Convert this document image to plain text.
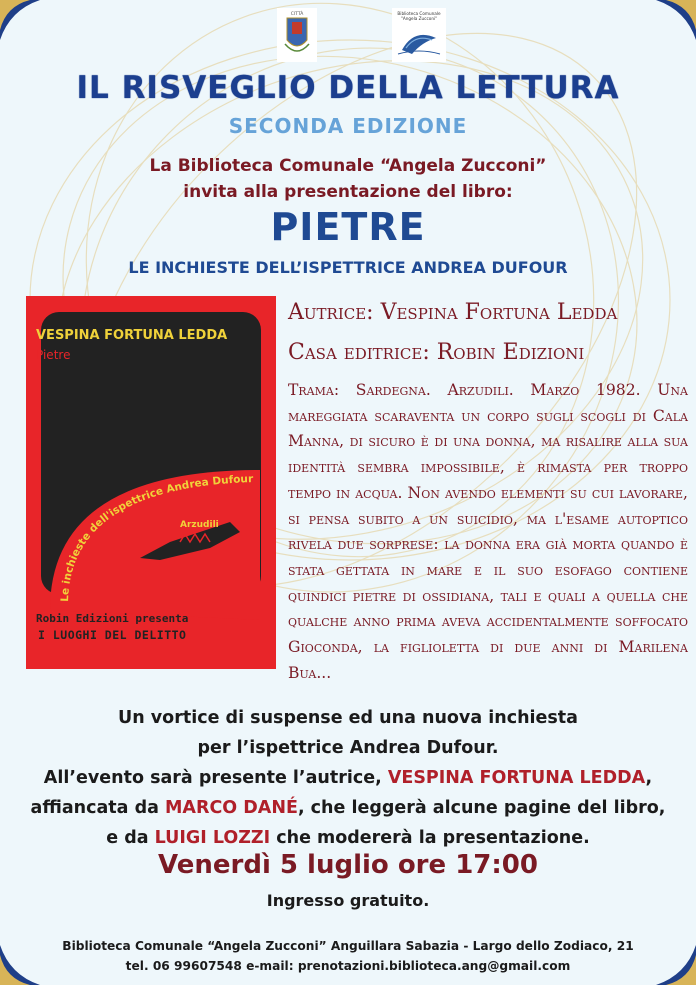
CITTÀ	Biblioteca Comunale
"Angela Zucconi"
IL RISVEGLIO DELLA LETTURA
SECONDA EDIZIONE
La Biblioteca Comunale “Angela Zucconi”
invita alla presentazione del libro:
PIETRE
LE INCHIESTE DELL’ISPETTRICE ANDREA DUFOUR
VESPINA FORTUNA LEDDA
Pietre
Le inchieste dell'ispettrice Andrea Dufour
Arzudili
Robin Edizioni presenta
I LUOGHI DEL DELITTO
Autrice: Vespina Fortuna Ledda
Casa editrice: Robin Edizioni
Trama: Sardegna. Arzudili. Marzo 1982. Una mareggiata scaraventa un corpo sugli scogli di Cala Manna, di sicuro è di una donna, ma risalire alla sua identità sembra impossibile, è rimasta per troppo tempo in acqua. Non avendo elementi su cui lavorare, si pensa subito a un suicidio, ma l'esame autoptico rivela due sorprese: la donna era già morta quando è stata gettata in mare e il suo esofago contiene quindici pietre di ossidiana, tali e quali a quella che qualche anno prima aveva accidentalmente soffocato Gioconda, la figlioletta di due anni di Marilena Bua...
Un vortice di suspense ed una nuova inchiesta
per l’ispettrice Andrea Dufour.
All’evento sarà presente l’autrice, VESPINA FORTUNA LEDDA,
affiancata da MARCO DANÉ, che leggerà alcune pagine del libro,
e da LUIGI LOZZI che modererà la presentazione.
Venerdì 5 luglio ore 17:00
Ingresso gratuito.
Biblioteca Comunale “Angela Zucconi” Anguillara Sabazia - Largo dello Zodiaco, 21
tel. 06 99607548 e-mail: prenotazioni.biblioteca.ang@gmail.com
